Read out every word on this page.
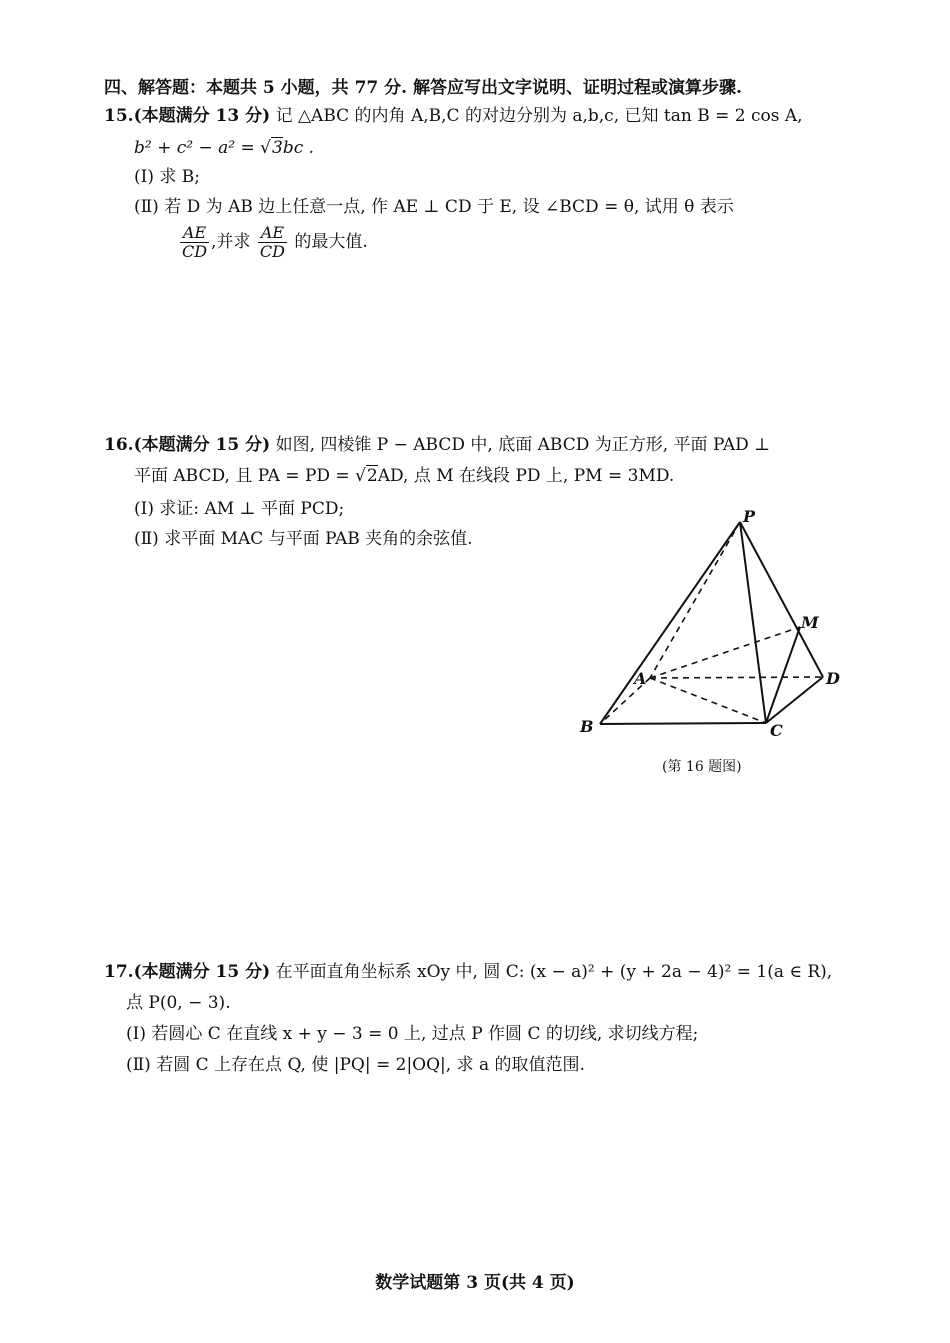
四、解答题：本题共 5 小题，共 77 分. 解答应写出文字说明、证明过程或演算步骤.
15.(本题满分 13 分) 记 △ABC 的内角 A,B,C 的对边分别为 a,b,c, 已知 tan B = 2 cos A,
b² + c² − a² = √3bc .
(Ⅰ) 求 B;
(Ⅱ) 若 D 为 AB 边上任意一点, 作 AE ⊥ CD 于 E, 设 ∠BCD = θ, 试用 θ 表示
$\frac{AE}{CD}$ ,并求 $\frac{AE}{CD}$ 的最大值.
16.(本题满分 15 分) 如图, 四棱锥 P − ABCD 中, 底面 ABCD 为正方形, 平面 PAD ⊥
平面 ABCD, 且 PA = PD = √2AD, 点 M 在线段 PD 上, PM = 3MD.
(Ⅰ) 求证: AM ⊥ 平面 PCD;
(Ⅱ) 求平面 MAC 与平面 PAB 夹角的余弦值.
P
M
A	D
B	C
(第 16 题图)
17.(本题满分 15 分) 在平面直角坐标系 xOy 中, 圆 C: (x − a)² + (y + 2a − 4)² = 1(a ∈ R),
点 P(0, − 3).
(Ⅰ) 若圆心 C 在直线 x + y − 3 = 0 上, 过点 P 作圆 C 的切线, 求切线方程;
(Ⅱ) 若圆 C 上存在点 Q, 使 |PQ| = 2|OQ|, 求 a 的取值范围.
数学试题第 3 页(共 4 页)
